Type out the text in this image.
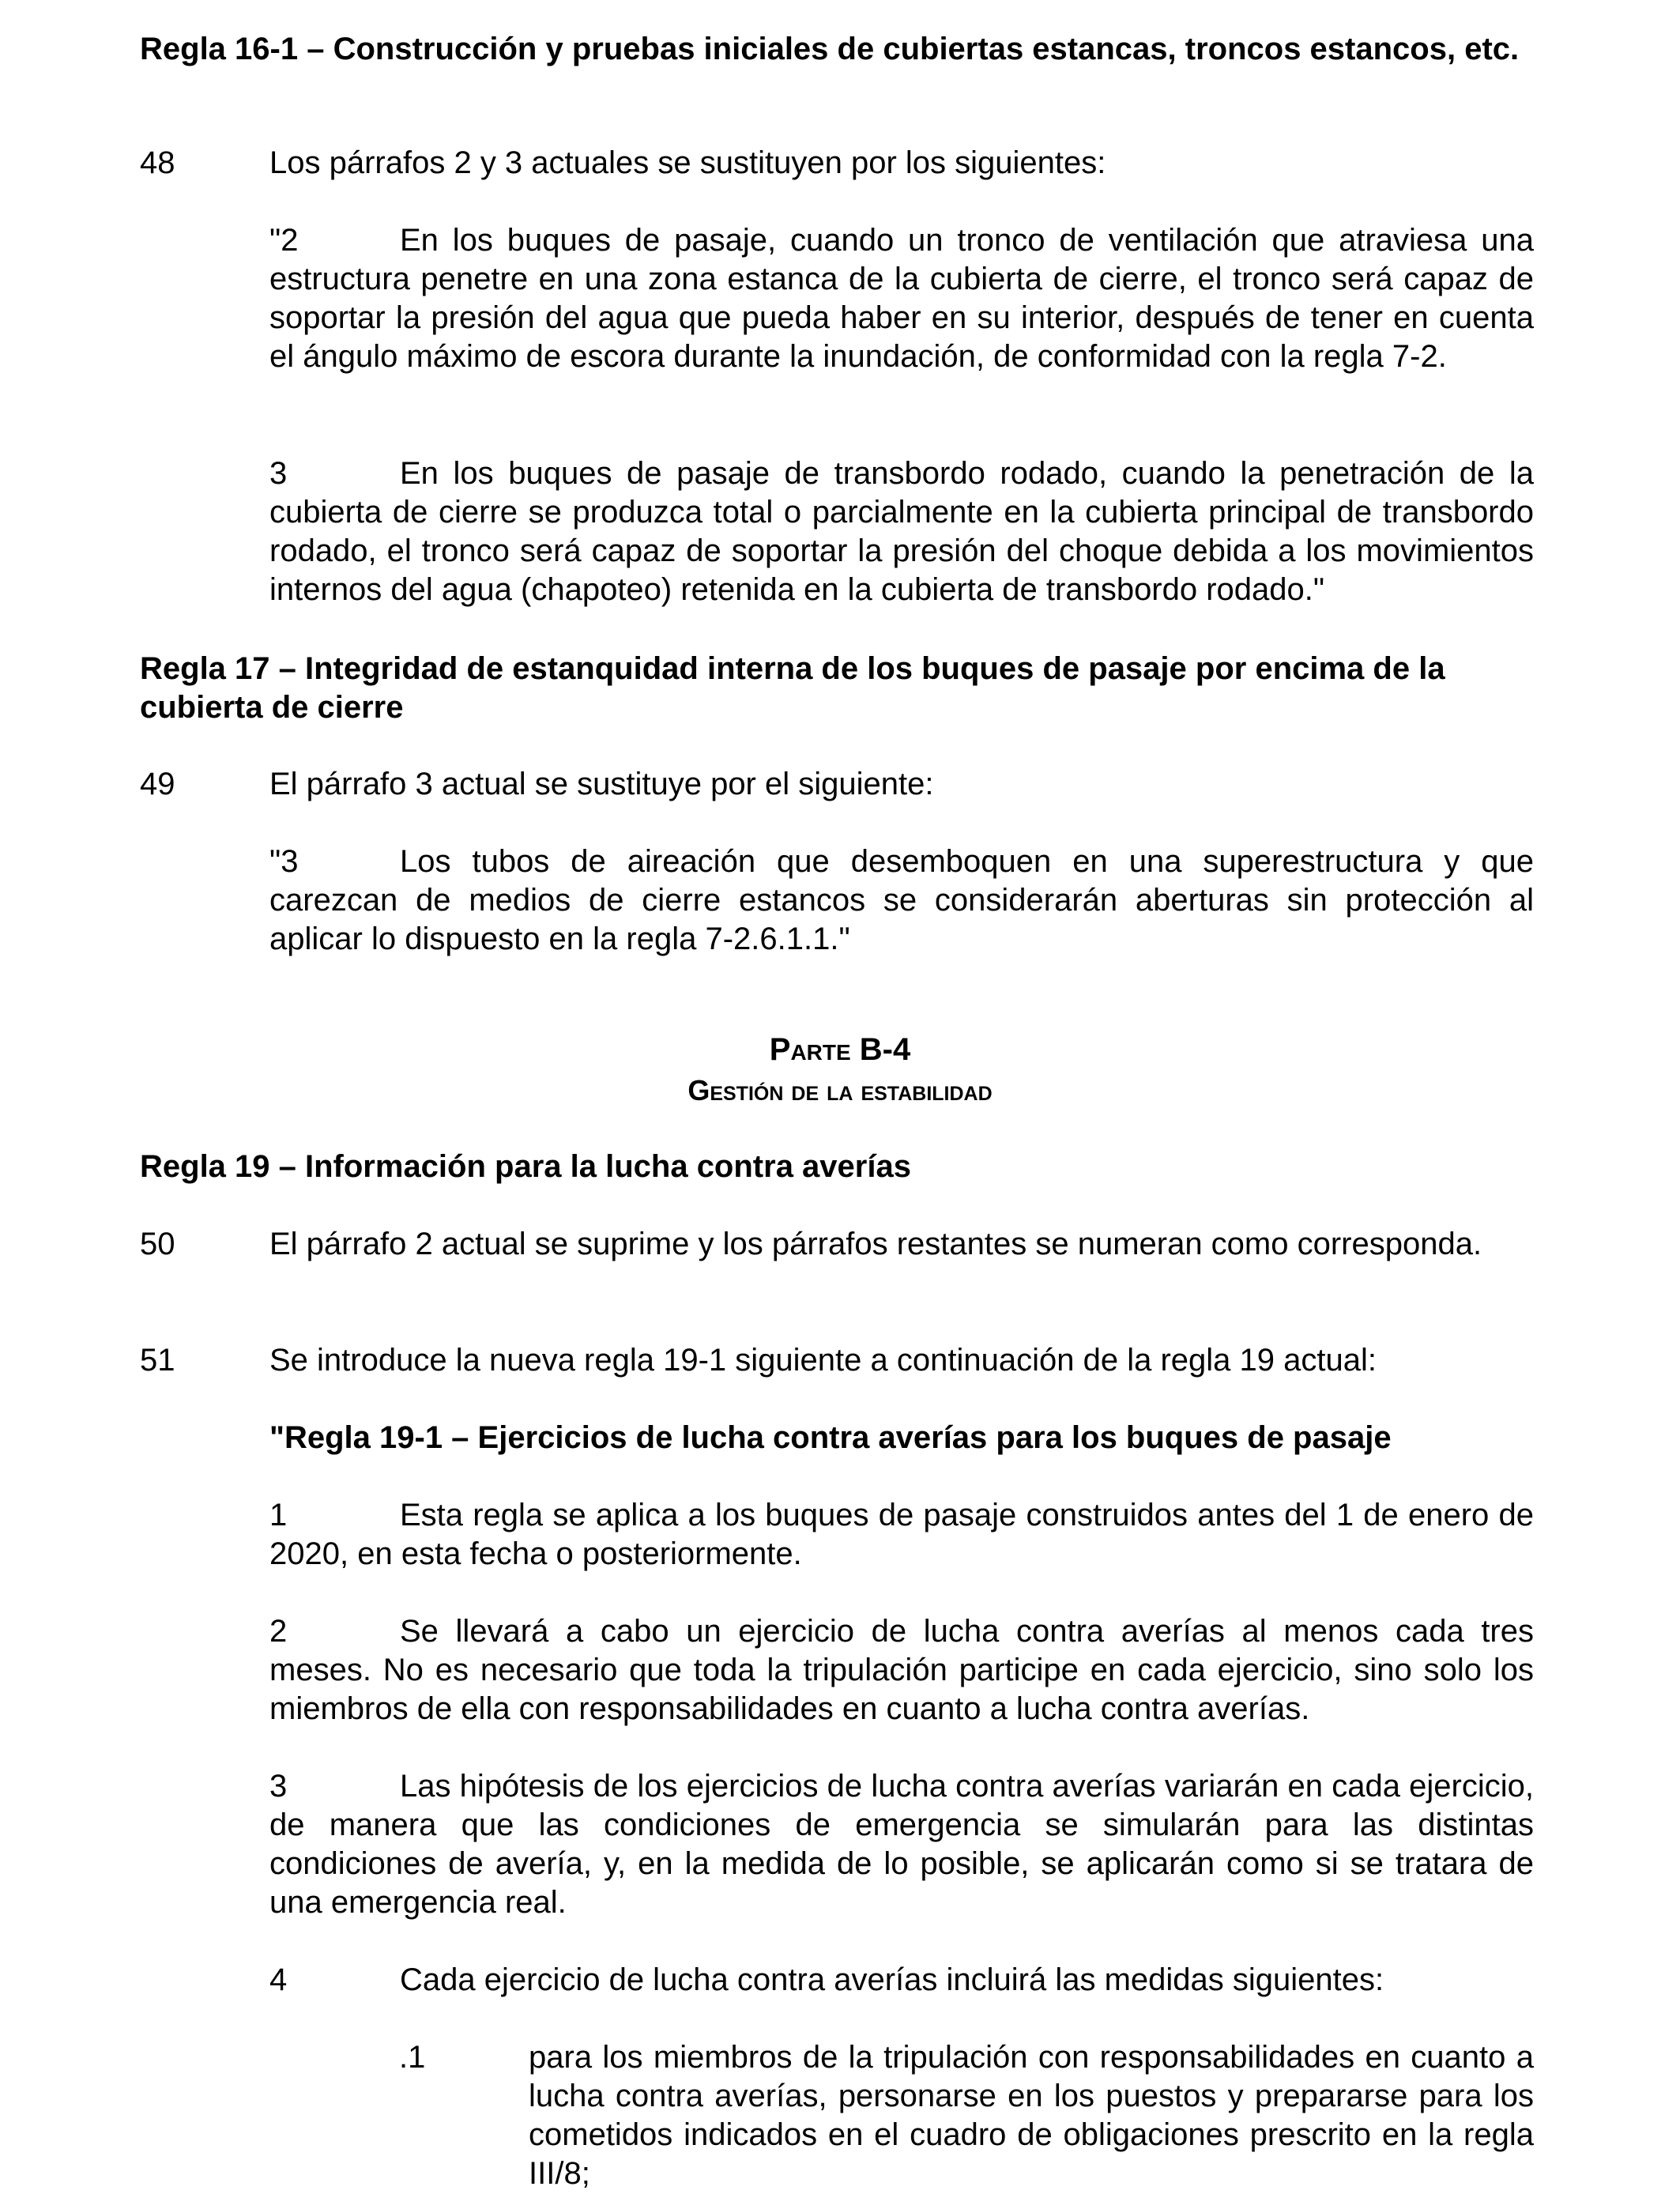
Regla 16-1 – Construcción y pruebas iniciales de cubiertas estancas, troncos estancos, etc.

48	Los párrafos 2 y 3 actuales se sustituyen por los siguientes:

"2	En los buques de pasaje, cuando un tronco de ventilación que atraviesa una estructura penetre en una zona estanca de la cubierta de cierre, el tronco será capaz de soportar la presión del agua que pueda haber en su interior, después de tener en cuenta el ángulo máximo de escora durante la inundación, de conformidad con la regla 7-2.

3	En los buques de pasaje de transbordo rodado, cuando la penetración de la cubierta de cierre se produzca total o parcialmente en la cubierta principal de transbordo rodado, el tronco será capaz de soportar la presión del choque debida a los movimientos internos del agua (chapoteo) retenida en la cubierta de transbordo rodado."

Regla 17 – Integridad de estanquidad interna de los buques de pasaje por encima de la cubierta de cierre

49	El párrafo 3 actual se sustituye por el siguiente:

"3	Los tubos de aireación que desemboquen en una superestructura y que carezcan de medios de cierre estancos se considerarán aberturas sin protección al aplicar lo dispuesto en la regla 7-2.6.1.1."

Parte B-4
Gestión de la estabilidad

Regla 19 – Información para la lucha contra averías

50	El párrafo 2 actual se suprime y los párrafos restantes se numeran como corresponda.

51	Se introduce la nueva regla 19-1 siguiente a continuación de la regla 19 actual:

"Regla 19-1 – Ejercicios de lucha contra averías para los buques de pasaje

1	Esta regla se aplica a los buques de pasaje construidos antes del 1 de enero de 2020, en esta fecha o posteriormente.

2	Se llevará a cabo un ejercicio de lucha contra averías al menos cada tres meses. No es necesario que toda la tripulación participe en cada ejercicio, sino solo los miembros de ella con responsabilidades en cuanto a lucha contra averías.

3	Las hipótesis de los ejercicios de lucha contra averías variarán en cada ejercicio, de manera que las condiciones de emergencia se simularán para las distintas condiciones de avería, y, en la medida de lo posible, se aplicarán como si se tratara de una emergencia real.

4	Cada ejercicio de lucha contra averías incluirá las medidas siguientes:

.1	para los miembros de la tripulación con responsabilidades en cuanto a lucha contra averías, personarse en los puestos y prepararse para los cometidos indicados en el cuadro de obligaciones prescrito en la regla III/8;
